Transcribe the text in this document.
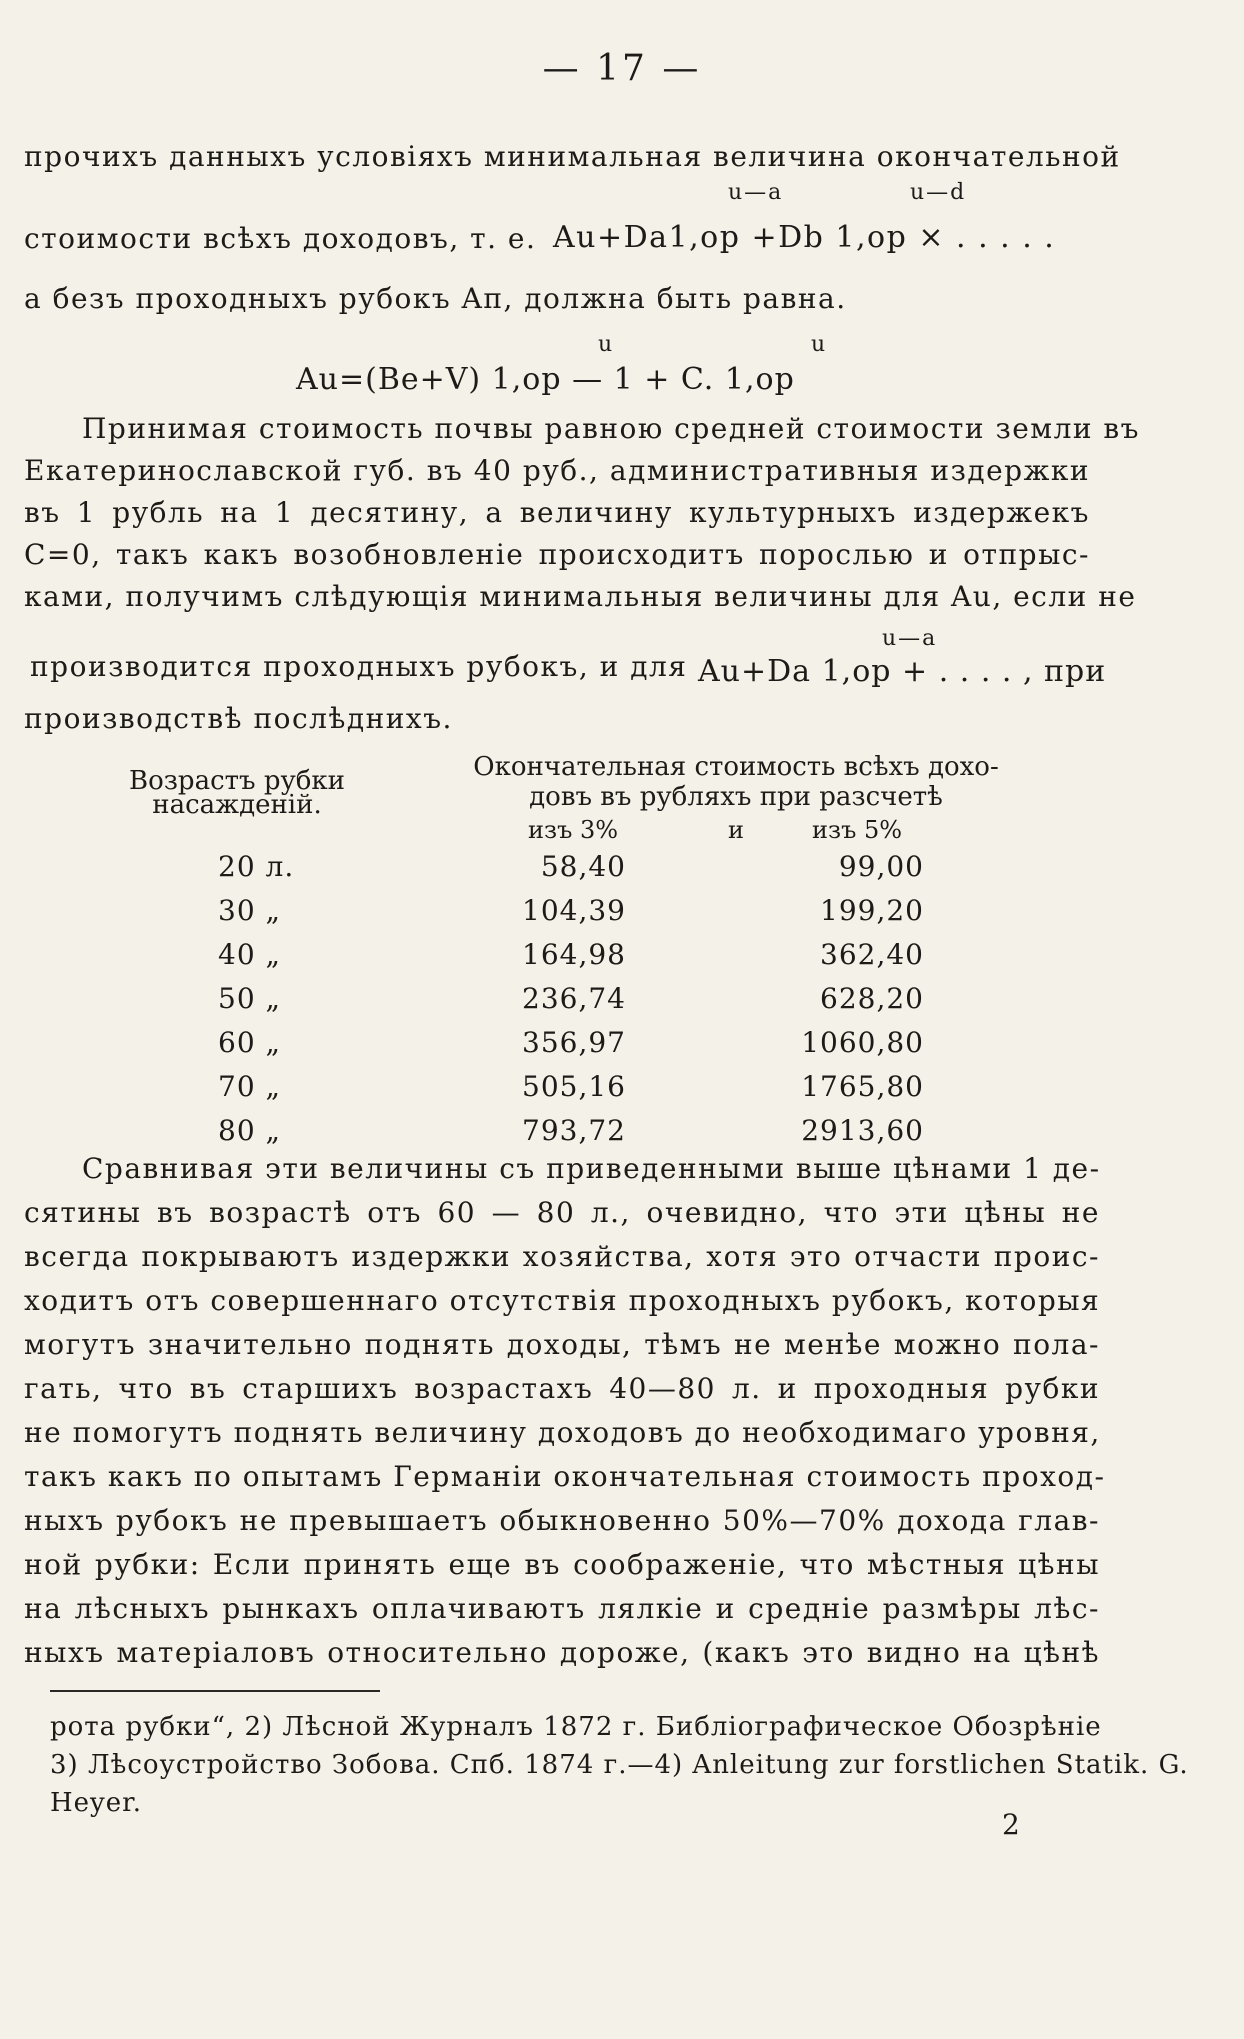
— 17 —
прочихъ данныхъ условіяхъ минимальная величина окончательной
u—a	u—d
стоимости всѣхъ доходовъ, т. е. Au+Da1,op +Db 1,op × . . . . .
а безъ проходныхъ рубокъ Aп, должна быть равна.
u	u
Au=(Be+V) 1,op — 1 + C. 1,op
Принимая стоимость почвы равною средней стоимости земли въ
Екатеринославской губ. въ 40 руб., административныя издержки
въ 1 рубль на 1 десятину, а величину культурныхъ издержекъ
C=0, такъ какъ возобновленіе происходитъ порослью и отпрыс-
ками, получимъ слѣдующія минимальныя величины для Au, если не
u—a
производится проходныхъ рубокъ, и для Au+Da 1,op + . . . . , при
производствѣ послѣднихъ.
Возрастъ рубки
насажденій.
Окончательная стоимость всѣхъ дохо-
довъ въ рубляхъ при разсчетѣ
изъ 3%	и	изъ 5%
20 л.	58,40	99,00
30 „	104,39	199,20
40 „	164,98	362,40
50 „	236,74	628,20
60 „	356,97	1060,80
70 „	505,16	1765,80
80 „	793,72	2913,60
Сравнивая эти величины съ приведенными выше цѣнами 1 де-
сятины въ возрастѣ отъ 60 — 80 л., очевидно, что эти цѣны не
всегда покрываютъ издержки хозяйства, хотя это отчасти проис-
ходитъ отъ совершеннаго отсутствія проходныхъ рубокъ, которыя
могутъ значительно поднять доходы, тѣмъ не менѣе можно пола-
гать, что въ старшихъ возрастахъ 40—80 л. и проходныя рубки
не помогутъ поднять величину доходовъ до необходимаго уровня,
такъ какъ по опытамъ Германіи окончательная стоимость проход-
ныхъ рубокъ не превышаетъ обыкновенно 50%—70% дохода глав-
ной рубки: Если принять еще въ соображеніе, что мѣстныя цѣны
на лѣсныхъ рынкахъ оплачиваютъ лялкіе и средніе размѣры лѣс-
ныхъ матеріаловъ относительно дороже, (какъ это видно на цѣнѣ
рота рубки“, 2) Лѣсной Журналъ 1872 г. Библіографическое Обозрѣніе
3) Лѣсоустройство Зобова. Спб. 1874 г.—4) Anleitung zur forstlichen Statik. G.
Heyer.
2
